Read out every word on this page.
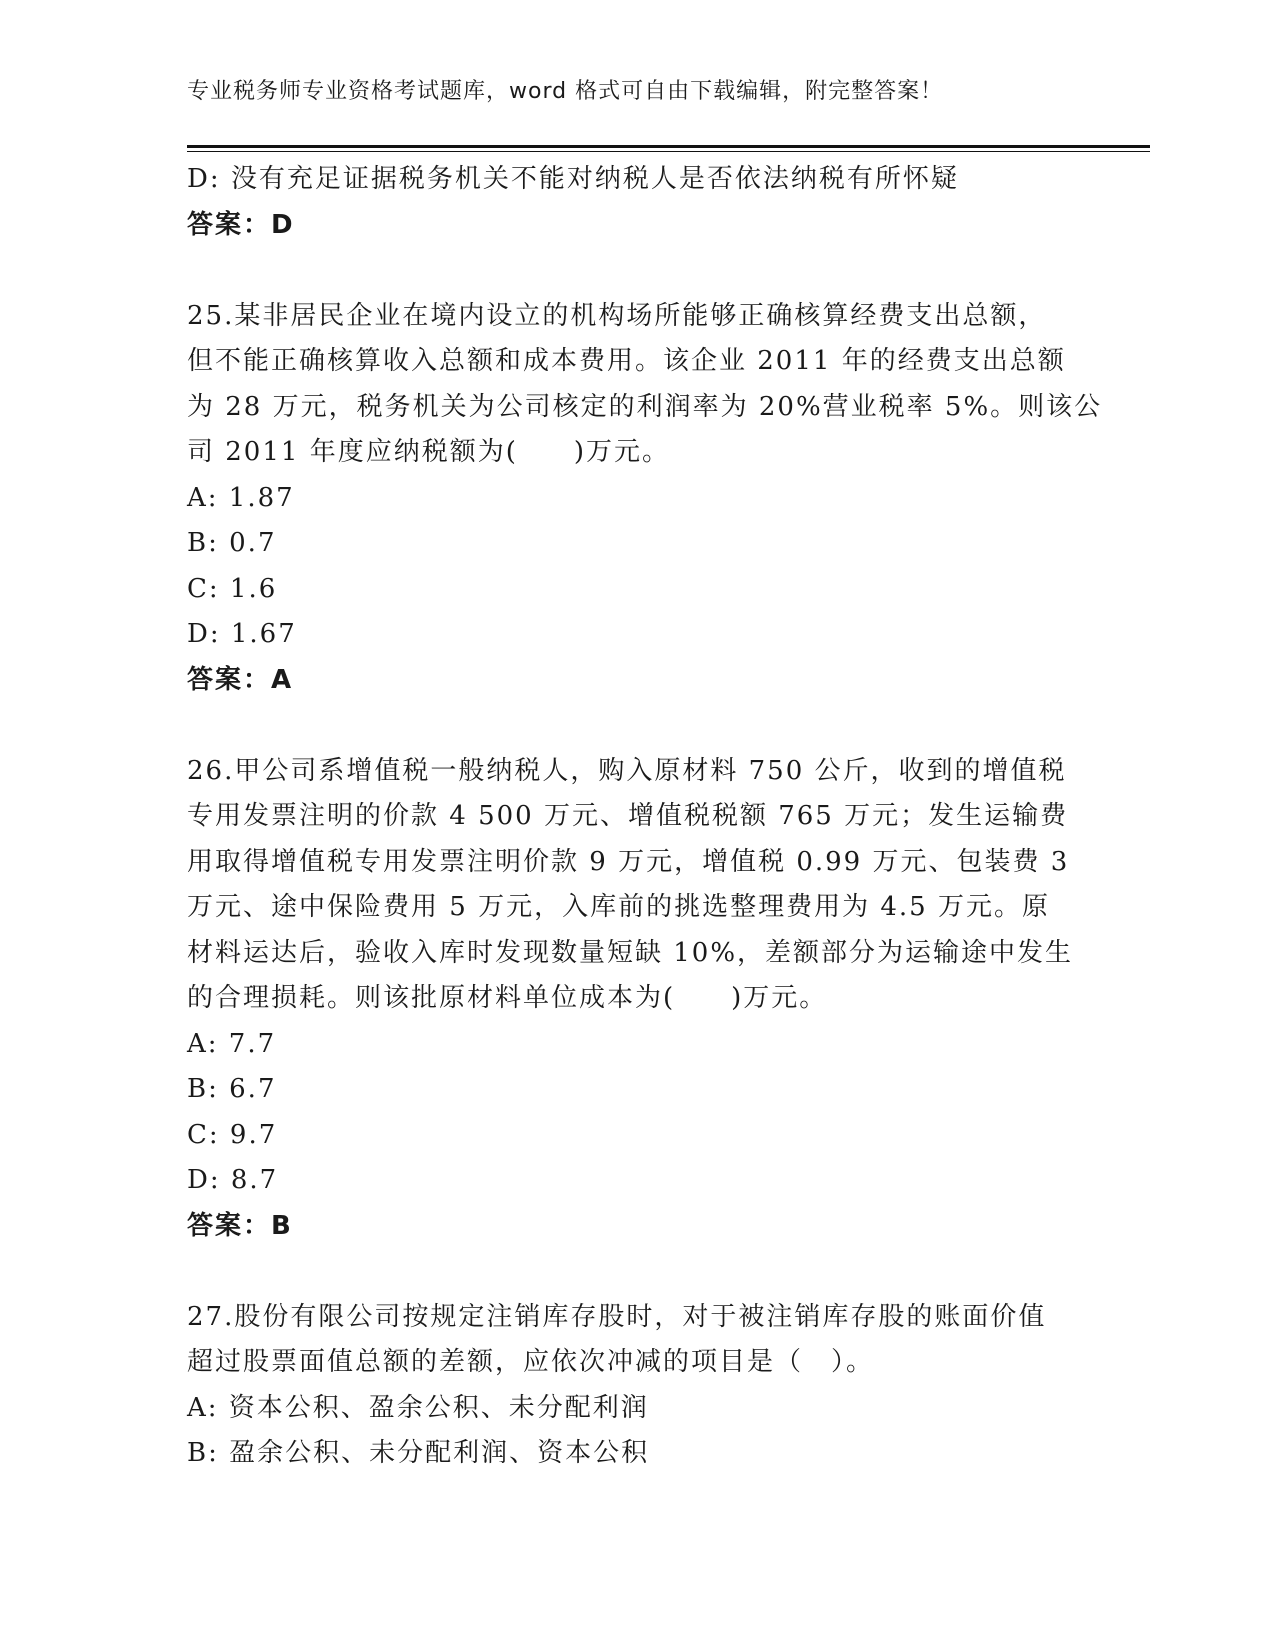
专业税务师专业资格考试题库，word 格式可自由下载编辑，附完整答案！
D: 没有充足证据税务机关不能对纳税人是否依法纳税有所怀疑
答案：D
25.某非居民企业在境内设立的机构场所能够正确核算经费支出总额，
但不能正确核算收入总额和成本费用。该企业 2011 年的经费支出总额
为 28 万元，税务机关为公司核定的利润率为 20%营业税率 5%。则该公
司 2011 年度应纳税额为(　　)万元。
A: 1.87
B: 0.7
C: 1.6
D: 1.67
答案：A
26.甲公司系增值税一般纳税人，购入原材料 750 公斤，收到的增值税
专用发票注明的价款 4 500 万元、增值税税额 765 万元；发生运输费
用取得增值税专用发票注明价款 9 万元，增值税 0.99 万元、包装费 3
万元、途中保险费用 5 万元，入库前的挑选整理费用为 4.5 万元。原
材料运达后，验收入库时发现数量短缺 10%，差额部分为运输途中发生
的合理损耗。则该批原材料单位成本为(　　)万元。
A: 7.7
B: 6.7
C: 9.7
D: 8.7
答案：B
27.股份有限公司按规定注销库存股时，对于被注销库存股的账面价值
超过股票面值总额的差额，应依次冲减的项目是（　）。
A: 资本公积、盈余公积、未分配利润
B: 盈余公积、未分配利润、资本公积
